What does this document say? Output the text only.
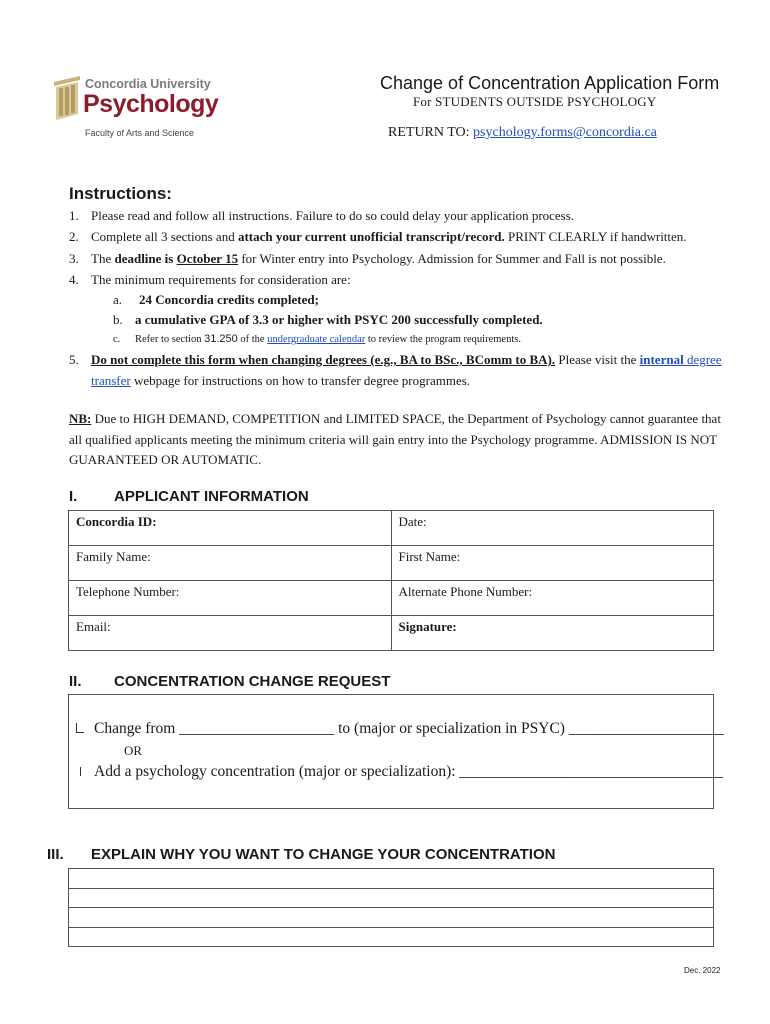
Concordia University
Psychology
Faculty of Arts and Science
Change of Concentration Application Form
For STUDENTS OUTSIDE PSYCHOLOGY
RETURN TO: psychology.forms@concordia.ca
Instructions:
1. Please read and follow all instructions. Failure to do so could delay your application process.
2. Complete all 3 sections and attach your current unofficial transcript/record. PRINT CLEARLY if handwritten.
3. The deadline is October 15 for Winter entry into Psychology. Admission for Summer and Fall is not possible.
4. The minimum requirements for consideration are:
a. 24 Concordia credits completed;
b. a cumulative GPA of 3.3 or higher with PSYC 200 successfully completed.
c. Refer to section 31.250 of the undergraduate calendar to review the program requirements.
5. Do not complete this form when changing degrees (e.g., BA to BSc., BComm to BA). Please visit the internal degree
transfer webpage for instructions on how to transfer degree programmes.
NB: Due to HIGH DEMAND, COMPETITION and LIMITED SPACE, the Department of Psychology cannot guarantee that all qualified applicants meeting the minimum criteria will gain entry into the Psychology programme. ADMISSION IS NOT GUARANTEED OR AUTOMATIC.
I. APPLICANT INFORMATION
Concordia ID:	Date:
Family Name:	First Name:
Telephone Number:	Alternate Phone Number:
Email:	Signature:
II. CONCENTRATION CHANGE REQUEST
Change from ____________________ to (major or specialization in PSYC) ____________________
OR
Add a psychology concentration (major or specialization): __________________________________
III. EXPLAIN WHY YOU WANT TO CHANGE YOUR CONCENTRATION

Dec. 2022
